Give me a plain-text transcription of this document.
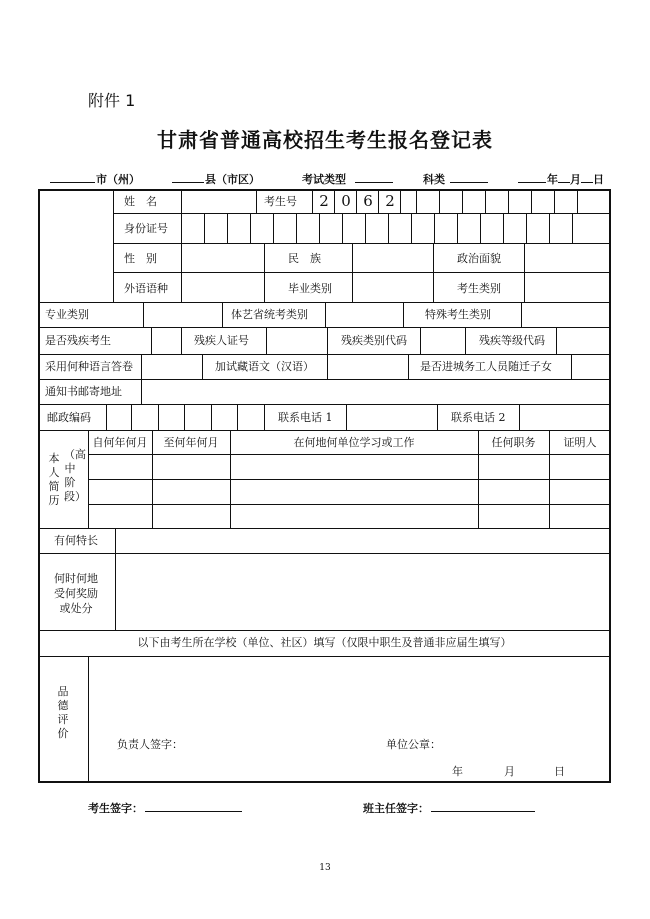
附件 1
甘肃省普通高校招生考生报名登记表
市（州）	县（市区）	考试类型	科类	年 月 日
姓　名	考生号	2 0 6 2
身份证号
性　别	民　族	政治面貌
外语语种	毕业类别	考生类别
专业类别	体艺省统考类别	特殊考生类别
是否残疾考生	残疾人证号	残疾类别代码	残疾等级代码
采用何种语言答卷	加试藏语文（汉语）	是否进城务工人员随迁子女
通知书邮寄地址
邮政编码	联系电话 1	联系电话 2
本人简历
（高中阶段）
自何年何月	至何年何月	在何地何单位学习或工作	任何职务	证明人
有何特长
何时何地受何奖励或处分
以下由考生所在学校（单位、社区）填写（仅限中职生及普通非应届生填写）
品德评价
负责人签字：	单位公章：
年	月	日
考生签字：	班主任签字：
13
